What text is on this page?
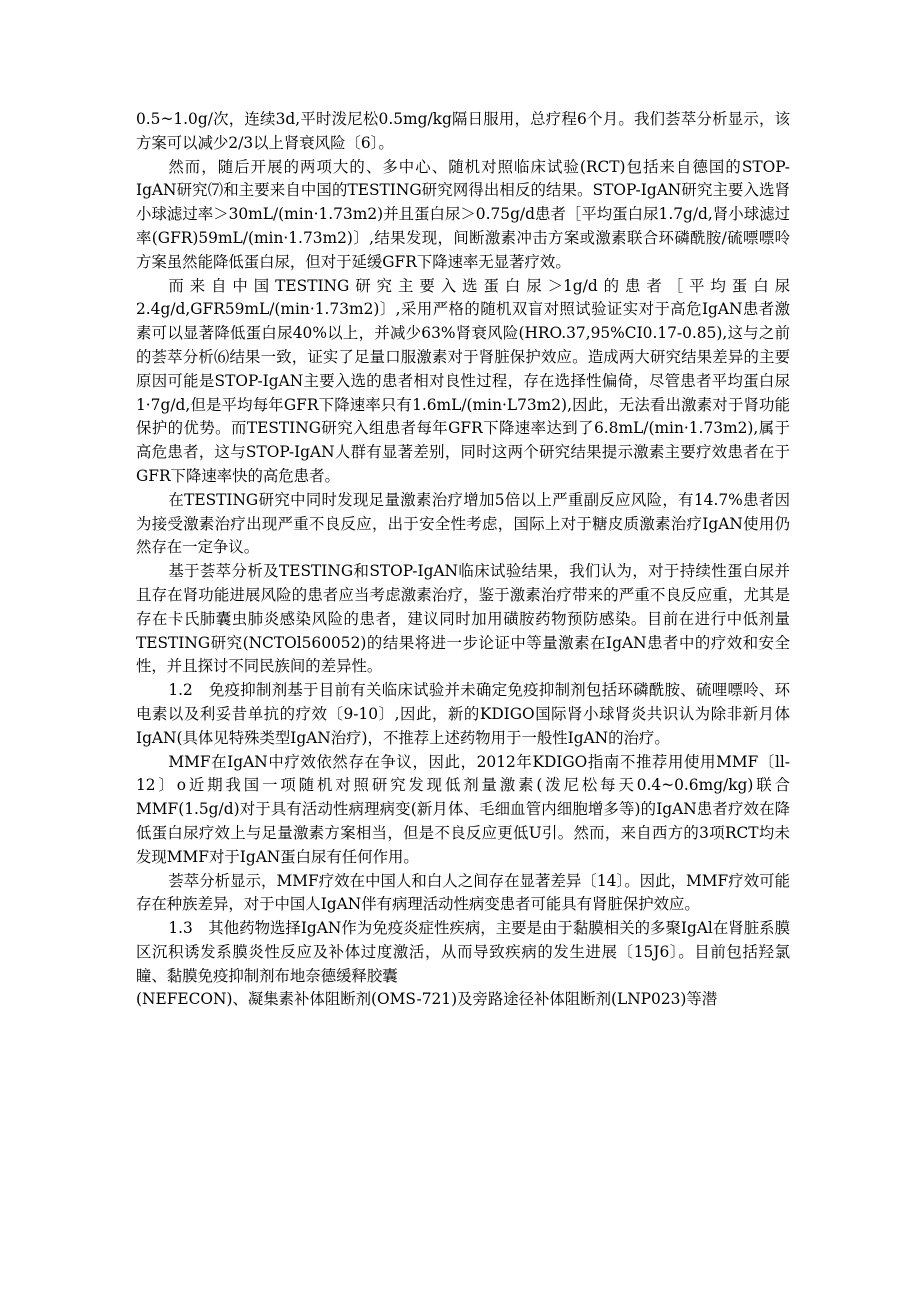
0.5~1.0g/次，连续3d,平时泼尼松0.5mg/kg隔日服用，总疗程6个月。我们荟萃分析显示，该方案可以减少2/3以上肾衰风险〔6〕。

然而，随后开展的两项大的、多中心、随机对照临床试验(RCT)包括来自德国的STOP-IgAN研究⑺和主要来自中国的TESTING研究网得出相反的结果。STOP-IgAN研究主要入选肾小球滤过率＞30mL/(min·1.73m2)并且蛋白尿＞0.75g/d患者［平均蛋白尿1.7g/d,肾小球滤过率(GFR)59mL/(min·1.73m2)〕,结果发现，间断激素冲击方案或激素联合环磷酰胺/硫嘌嘌呤方案虽然能降低蛋白尿，但对于延缓GFR下降速率无显著疗效。

而来自中国TESTING研究主要入选蛋白尿＞1g/d的患者［平均蛋白尿2.4g/d,GFR59mL/(min·1.73m2)〕,采用严格的随机双盲对照试验证实对于高危IgAN患者激素可以显著降低蛋白尿40%以上，并减少63%肾衰风险(HRO.37,95%CI0.17-0.85),这与之前的荟萃分析⑹结果一致，证实了足量口服激素对于肾脏保护效应。造成两大研究结果差异的主要原因可能是STOP-IgAN主要入选的患者相对良性过程，存在选择性偏倚，尽管患者平均蛋白尿1·7g/d,但是平均每年GFR下降速率只有1.6mL/(min·L73m2),因此，无法看出激素对于肾功能保护的优势。而TESTING研究入组患者每年GFR下降速率达到了6.8mL/(min·1.73m2),属于高危患者，这与STOP-IgAN人群有显著差别，同时这两个研究结果提示激素主要疗效患者在于GFR下降速率快的高危患者。

在TESTING研究中同时发现足量激素治疗增加5倍以上严重副反应风险，有14.7%患者因为接受激素治疗出现严重不良反应，出于安全性考虑，国际上对于糖皮质激素治疗IgAN使用仍然存在一定争议。

基于荟萃分析及TESTING和STOP-IgAN临床试验结果，我们认为，对于持续性蛋白尿并且存在肾功能进展风险的患者应当考虑激素治疗，鉴于激素治疗带来的严重不良反应重，尤其是存在卡氏肺囊虫肺炎感染风险的患者，建议同时加用磺胺药物预防感染。目前在进行中低剂量TESTING研究(NCTOl560052)的结果将进一步论证中等量激素在IgAN患者中的疗效和安全性，并且探讨不同民族间的差异性。

1.2　免疫抑制剂基于目前有关临床试验并未确定免疫抑制剂包括环磷酰胺、硫哩嘌呤、环电素以及利妥昔单抗的疗效〔9-10〕,因此，新的KDIGO国际肾小球肾炎共识认为除非新月体IgAN(具体见特殊类型IgAN治疗)，不推荐上述药物用于一般性IgAN的治疗。

MMF在IgAN中疗效依然存在争议，因此，2012年KDIGO指南不推荐用使用MMF〔ll-12〕o近期我国一项随机对照研究发现低剂量激素(泼尼松每天0.4~0.6mg/kg)联合MMF(1.5g/d)对于具有活动性病理病变(新月体、毛细血管内细胞增多等)的IgAN患者疗效在降低蛋白尿疗效上与足量激素方案相当，但是不良反应更低U引。然而，来自西方的3项RCT均未发现MMF对于IgAN蛋白尿有任何作用。

荟萃分析显示，MMF疗效在中国人和白人之间存在显著差异〔14〕。因此，MMF疗效可能存在种族差异，对于中国人IgAN伴有病理活动性病变患者可能具有肾脏保护效应。

1.3　其他药物选择IgAN作为免疫炎症性疾病，主要是由于黏膜相关的多聚IgAl在肾脏系膜区沉积诱发系膜炎性反应及补体过度激活，从而导致疾病的发生进展〔15J6〕。目前包括羟氯瞳、黏膜免疫抑制剂布地奈德缓释胶囊

(NEFECON)、凝集素补体阻断剂(OMS-721)及旁路途径补体阻断剂(LNP023)等潜
